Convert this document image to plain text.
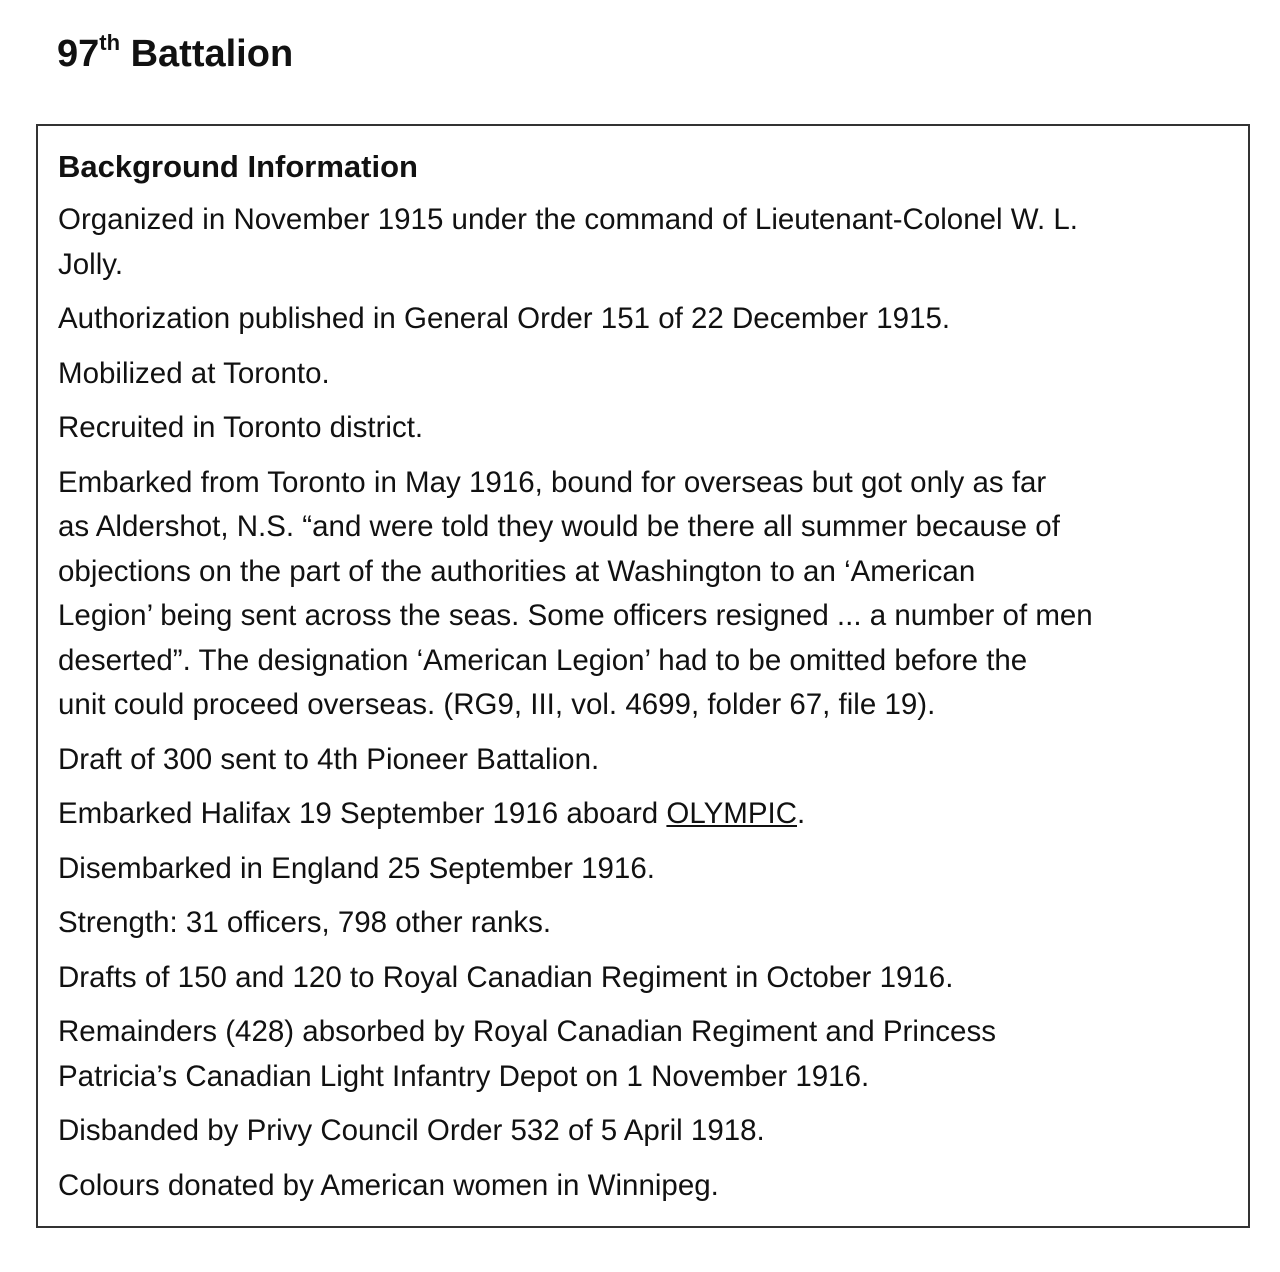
97th Battalion
Background Information

Organized in November 1915 under the command of Lieutenant-Colonel W. L.
Jolly.

Authorization published in General Order 151 of 22 December 1915.

Mobilized at Toronto.

Recruited in Toronto district.

Embarked from Toronto in May 1916, bound for overseas but got only as far
as Aldershot, N.S. “and were told they would be there all summer because of
objections on the part of the authorities at Washington to an ‘American
Legion’ being sent across the seas. Some officers resigned ... a number of men
deserted”. The designation ‘American Legion’ had to be omitted before the
unit could proceed overseas. (RG9, III, vol. 4699, folder 67, file 19).

Draft of 300 sent to 4th Pioneer Battalion.

Embarked Halifax 19 September 1916 aboard OLYMPIC.

Disembarked in England 25 September 1916.

Strength: 31 officers, 798 other ranks.

Drafts of 150 and 120 to Royal Canadian Regiment in October 1916.

Remainders (428) absorbed by Royal Canadian Regiment and Princess
Patricia’s Canadian Light Infantry Depot on 1 November 1916.

Disbanded by Privy Council Order 532 of 5 April 1918.

Colours donated by American women in Winnipeg.
